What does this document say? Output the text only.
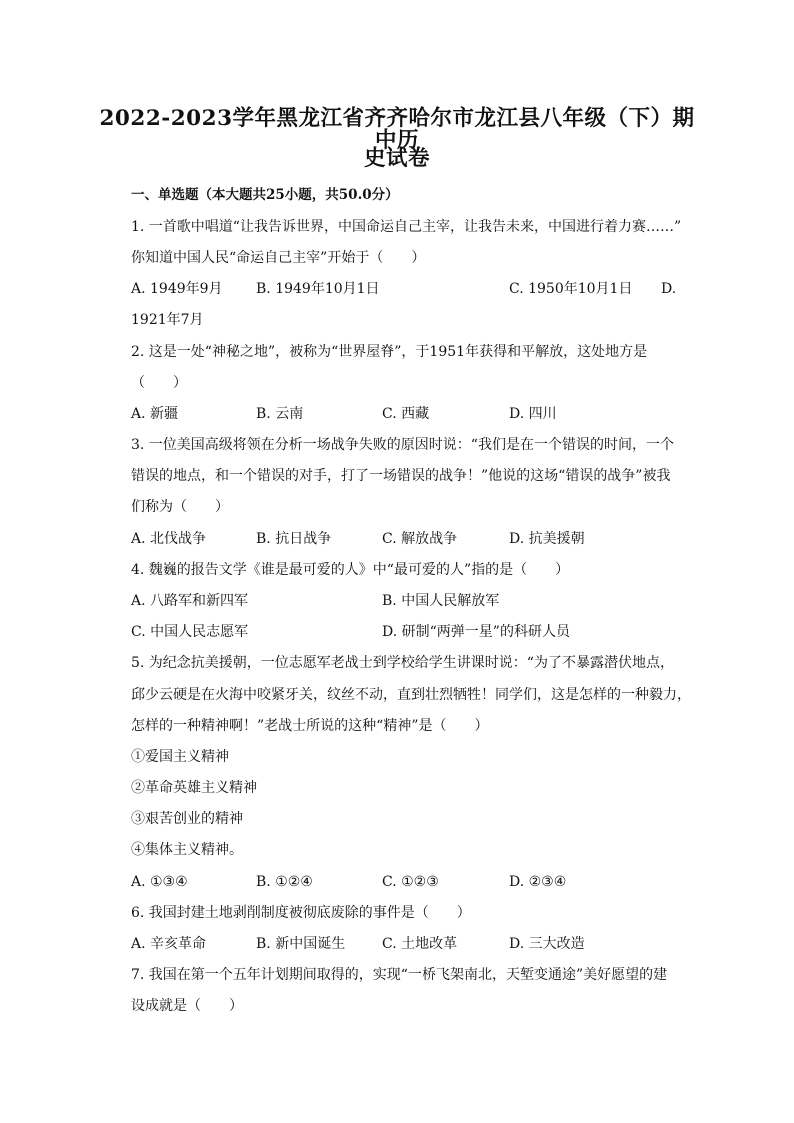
2022-2023学年黑龙江省齐齐哈尔市龙江县八年级（下）期中历
史试卷
一、单选题（本大题共25小题，共50.0分）
1. 一首歌中唱道“让我告诉世界，中国命运自己主宰，让我告未来，中国进行着力赛……”
你知道中国人民“命运自己主宰”开始于（　　）
A. 1949年9月 B. 1949年10月1日	C. 1950年10月1日 D.
1921年7月
2. 这是一处“神秘之地”，被称为“世界屋脊”，于1951年获得和平解放，这处地方是
（　　）
A. 新疆	B. 云南	C. 西藏	D. 四川
3. 一位美国高级将领在分析一场战争失败的原因时说：“我们是在一个错误的时间，一个
错误的地点，和一个错误的对手，打了一场错误的战争！”他说的这场“错误的战争”被我
们称为（　　）
A. 北伐战争	B. 抗日战争	C. 解放战争	D. 抗美援朝
4. 魏巍的报告文学《谁是最可爱的人》中“最可爱的人”指的是（　　）
A. 八路军和新四军	B. 中国人民解放军
C. 中国人民志愿军	D. 研制“两弹一星”的科研人员
5. 为纪念抗美援朝，一位志愿军老战士到学校给学生讲课时说：“为了不暴露潜伏地点，
邱少云硬是在火海中咬紧牙关，纹丝不动，直到壮烈牺牲！同学们，这是怎样的一种毅力，
怎样的一种精神啊！”老战士所说的这种“精神”是（　　）
①爱国主义精神
②革命英雄主义精神
③艰苦创业的精神
④集体主义精神。
A. ①③④	B. ①②④	C. ①②③	D. ②③④
6. 我国封建土地剥削制度被彻底废除的事件是（　　）
A. 辛亥革命	B. 新中国诞生	C. 土地改革	D. 三大改造
7. 我国在第一个五年计划期间取得的，实现“一桥飞架南北，天堑变通途”美好愿望的建
设成就是（　　）
